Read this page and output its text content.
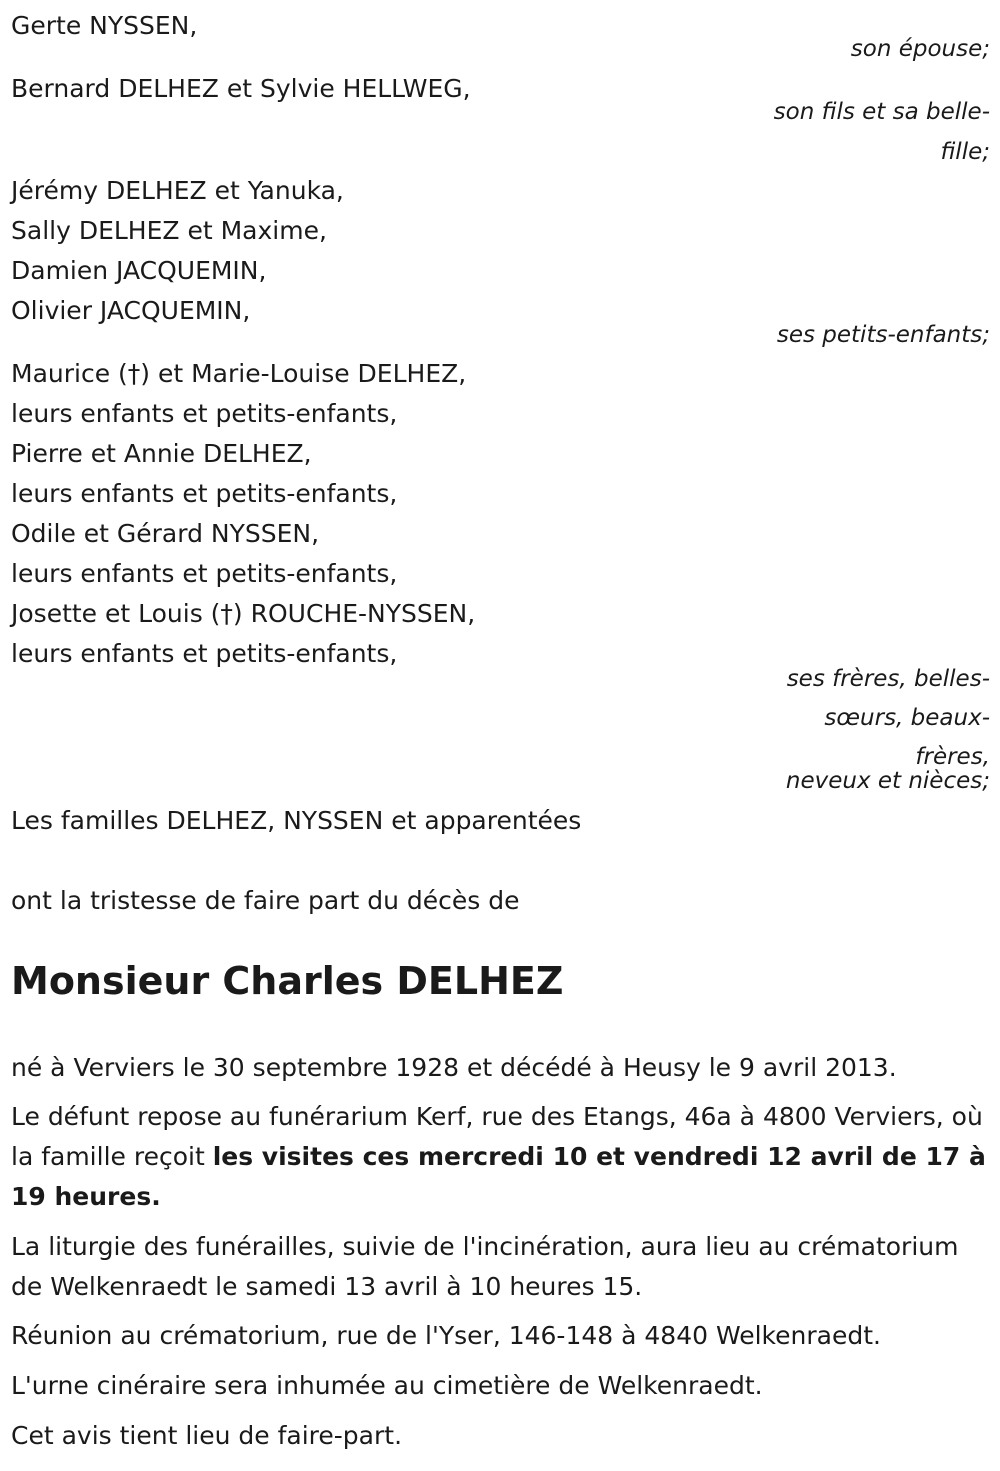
Gerte NYSSEN,

son épouse;

Bernard DELHEZ et Sylvie HELLWEG,

son fils et sa belle-

fille;

Jérémy DELHEZ et Yanuka,

Sally DELHEZ et Maxime,

Damien JACQUEMIN,

Olivier JACQUEMIN,

ses petits-enfants;

Maurice (†) et Marie-Louise DELHEZ,

leurs enfants et petits-enfants,

Pierre et Annie DELHEZ,

leurs enfants et petits-enfants,

Odile et Gérard NYSSEN,

leurs enfants et petits-enfants,

Josette et Louis (†) ROUCHE-NYSSEN,

leurs enfants et petits-enfants,

ses frères, belles-

sœurs, beaux-

frères,

neveux et nièces;

Les familles DELHEZ, NYSSEN et apparentées

ont la tristesse de faire part du décès de

Monsieur Charles DELHEZ

né à Verviers le 30 septembre 1928 et décédé à Heusy le 9 avril 2013.

Le défunt repose au funérarium Kerf, rue des Etangs, 46a à 4800 Verviers, où la famille reçoit les visites ces mercredi 10 et vendredi 12 avril de 17 à 19 heures.

La liturgie des funérailles, suivie de l'incinération, aura lieu au crématorium de Welkenraedt le samedi 13 avril à 10 heures 15.

Réunion au crématorium, rue de l'Yser, 146-148 à 4840 Welkenraedt.

L'urne cinéraire sera inhumée au cimetière de Welkenraedt.

Cet avis tient lieu de faire-part.
